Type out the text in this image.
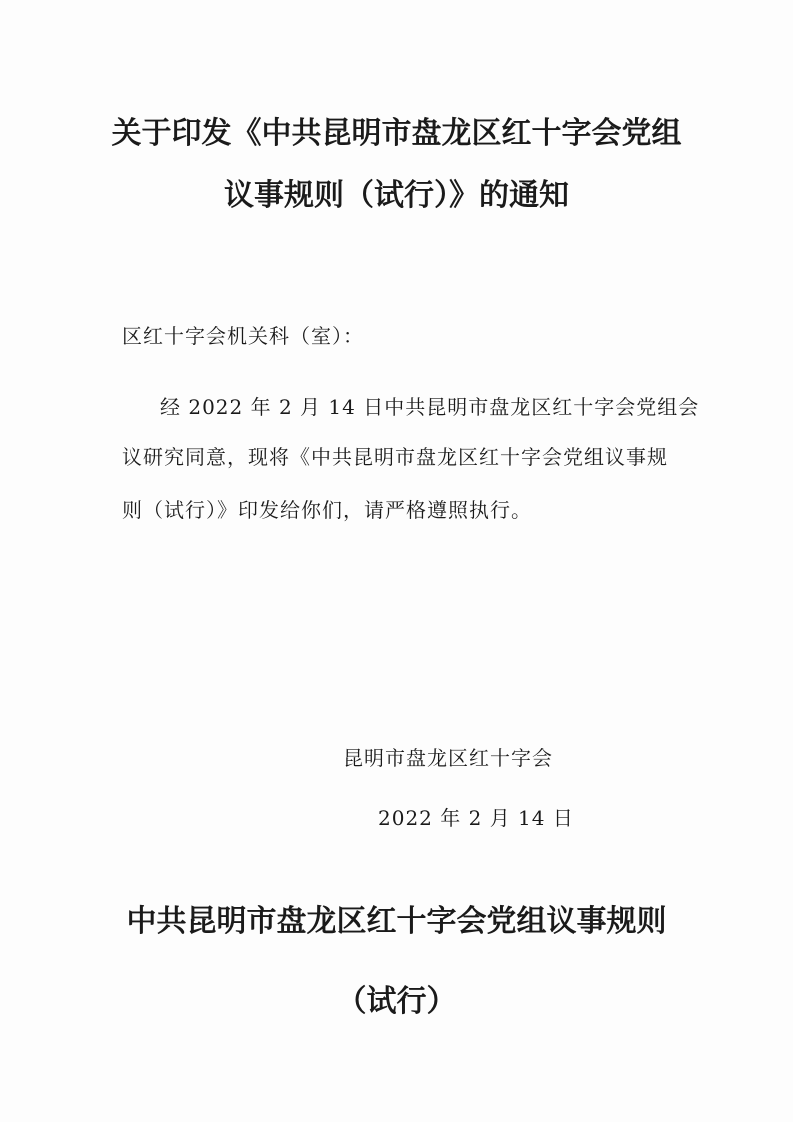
关于印发《中共昆明市盘龙区红十字会党组
议事规则（试行）》的通知

区红十字会机关科（室）：

经 2022 年 2 月 14 日中共昆明市盘龙区红十字会党组会

议研究同意，现将《中共昆明市盘龙区红十字会党组议事规

则（试行）》印发给你们，请严格遵照执行。

昆明市盘龙区红十字会

2022 年 2 月 14 日

中共昆明市盘龙区红十字会党组议事规则
（试行）
